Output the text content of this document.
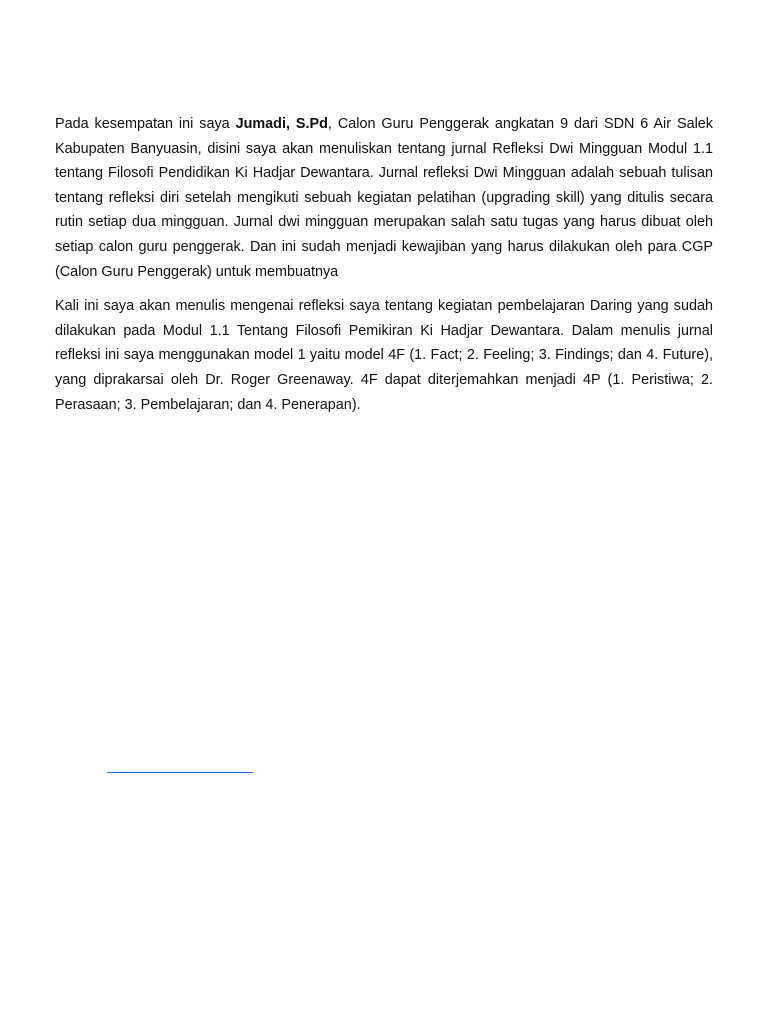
Pada kesempatan ini saya Jumadi, S.Pd, Calon Guru Penggerak angkatan 9 dari SDN 6 Air Salek Kabupaten Banyuasin, disini saya akan menuliskan tentang jurnal Refleksi Dwi Mingguan Modul 1.1 tentang Filosofi Pendidikan Ki Hadjar Dewantara. Jurnal refleksi Dwi Mingguan adalah sebuah tulisan tentang refleksi diri setelah mengikuti sebuah kegiatan pelatihan (upgrading skill) yang ditulis secara rutin setiap dua mingguan. Jurnal dwi mingguan merupakan salah satu tugas yang harus dibuat oleh setiap calon guru penggerak. Dan ini sudah menjadi kewajiban yang harus dilakukan oleh para CGP (Calon Guru Penggerak) untuk membuatnya

Kali ini saya akan menulis mengenai refleksi saya tentang kegiatan pembelajaran Daring yang sudah dilakukan pada Modul 1.1 Tentang Filosofi Pemikiran Ki Hadjar Dewantara. Dalam menulis jurnal refleksi ini saya menggunakan model 1 yaitu model 4F (1. Fact; 2. Feeling; 3. Findings; dan 4. Future), yang diprakarsai oleh Dr. Roger Greenaway. 4F dapat diterjemahkan menjadi 4P (1. Peristiwa; 2. Perasaan; 3. Pembelajaran; dan 4. Penerapan).
